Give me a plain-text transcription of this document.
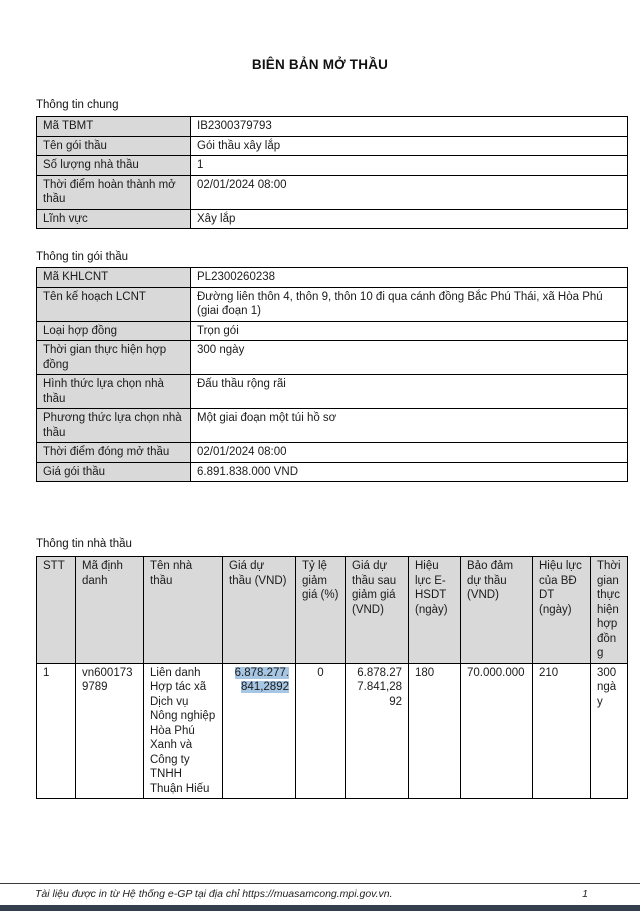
BIÊN BẢN MỞ THẦU
Thông tin chung
Mã TBMT	IB2300379793
Tên gói thầu	Gói thầu xây lắp
Số lượng nhà thầu	1
Thời điểm hoàn thành mở thầu	02/01/2024 08:00
Lĩnh vực	Xây lắp
Thông tin gói thầu
Mã KHLCNT	PL2300260238
Tên kế hoạch LCNT	Đường liên thôn 4, thôn 9, thôn 10 đi qua cánh đồng Bắc Phú Thái, xã Hòa Phú (giai đoạn 1)
Loại hợp đồng	Trọn gói
Thời gian thực hiện hợp đồng	300 ngày
Hình thức lựa chọn nhà thầu	Đấu thầu rộng rãi
Phương thức lựa chọn nhà thầu	Một giai đoạn một túi hồ sơ
Thời điểm đóng mở thầu	02/01/2024 08:00
Giá gói thầu	6.891.838.000 VND
Thông tin nhà thầu
STT	Mã định danh	Tên nhà thầu	Giá dự thầu (VND)	Tỷ lệ giảm giá (%)	Giá dự thầu sau giảm giá (VND)	Hiệu lực E-HSDT (ngày)	Bảo đảm dự thầu (VND)	Hiệu lực của BĐ DT (ngày)	Thời gian thực hiện hợp đồng
1	vn6001739789	Liên danh Hợp tác xã Dịch vụ Nông nghiệp Hòa Phú Xanh và Công ty TNHH Thuận Hiếu	6.878.277.841,2892	0	6.878.277.841,2892	180	70.000.000	210	300 ngày
Tài liệu được in từ Hệ thống e-GP tại địa chỉ https://muasamcong.mpi.gov.vn.	1
